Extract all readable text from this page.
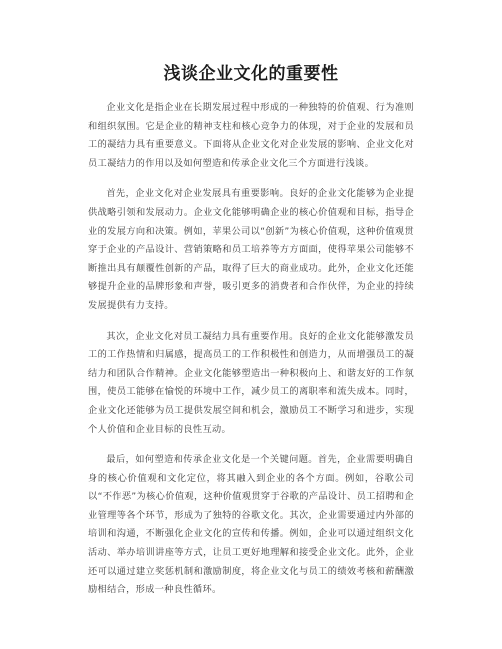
浅谈企业文化的重要性

企业文化是指企业在长期发展过程中形成的一种独特的价值观、行为准则和组织氛围。它是企业的精神支柱和核心竞争力的体现，对于企业的发展和员工的凝结力具有重要意义。下面将从企业文化对企业发展的影响、企业文化对员工凝结力的作用以及如何塑造和传承企业文化三个方面进行浅谈。

首先，企业文化对企业发展具有重要影响。良好的企业文化能够为企业提供战略引领和发展动力。企业文化能够明确企业的核心价值观和目标，指导企业的发展方向和决策。例如，苹果公司以“创新”为核心价值观，这种价值观贯穿于企业的产品设计、营销策略和员工培养等方方面面，使得苹果公司能够不断推出具有颠覆性创新的产品，取得了巨大的商业成功。此外，企业文化还能够提升企业的品牌形象和声誉，吸引更多的消费者和合作伙伴，为企业的持续发展提供有力支持。

其次，企业文化对员工凝结力具有重要作用。良好的企业文化能够激发员工的工作热情和归属感，提高员工的工作积极性和创造力，从而增强员工的凝结力和团队合作精神。企业文化能够塑造出一种积极向上、和谐友好的工作氛围，使员工能够在愉悦的环境中工作，减少员工的离职率和流失成本。同时，企业文化还能够为员工提供发展空间和机会，激励员工不断学习和进步，实现个人价值和企业目标的良性互动。

最后，如何塑造和传承企业文化是一个关键问题。首先，企业需要明确自身的核心价值观和文化定位，将其融入到企业的各个方面。例如，谷歌公司以“不作恶”为核心价值观，这种价值观贯穿于谷歌的产品设计、员工招聘和企业管理等各个环节，形成为了独特的谷歌文化。其次，企业需要通过内外部的培训和沟通，不断强化企业文化的宣传和传播。例如，企业可以通过组织文化活动、举办培训讲座等方式，让员工更好地理解和接受企业文化。此外，企业还可以通过建立奖惩机制和激励制度，将企业文化与员工的绩效考核和薪酬激励相结合，形成一种良性循环。
